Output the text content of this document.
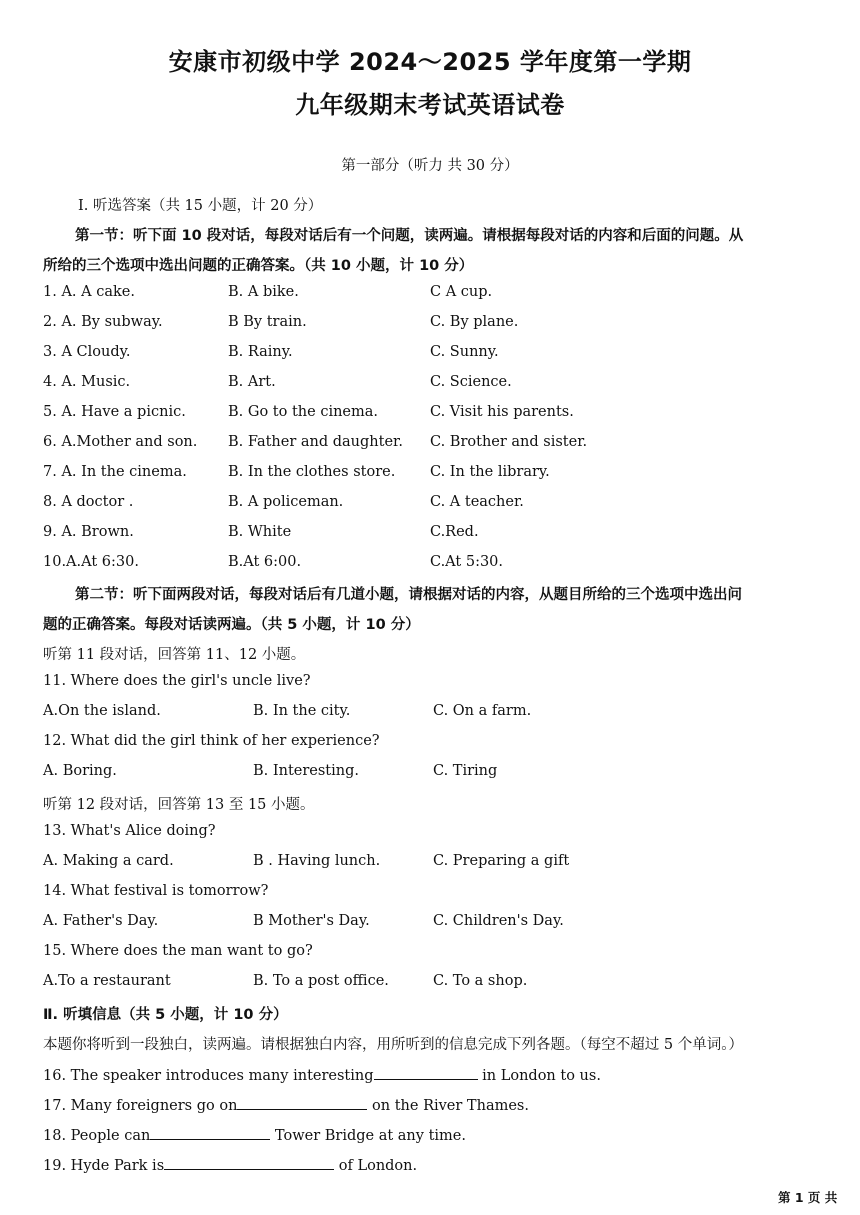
安康市初级中学 2024～2025 学年度第一学期
九年级期末考试英语试卷
第一部分（听力 共 30 分）
Ⅰ. 听选答案（共 15 小题，计 20 分）
第一节：听下面 10 段对话，每段对话后有一个问题，读两遍。请根据每段对话的内容和后面的问题。从
所给的三个选项中选出问题的正确答案。（共 10 小题，计 10 分）
1. A. A cake.	B. A bike.	C A cup.
2. A. By subway.	B By train.	C. By plane.
3. A Cloudy.	B. Rainy.	C. Sunny.
4. A. Music.	B. Art.	C. Science.
5. A. Have a picnic.	B. Go to the cinema.	C. Visit his parents.
6. A.Mother and son. B. Father and daughter. C. Brother and sister.
7. A. In the cinema.	B. In the clothes store. C. In the library.
8. A doctor .	B. A policeman.	C. A teacher.
9. A. Brown.	B. White	C.Red.
10.A.At 6:30.	B.At 6:00.	C.At 5:30.
第二节：听下面两段对话，每段对话后有几道小题，请根据对话的内容，从题目所给的三个选项中选出问
题的正确答案。每段对话读两遍。（共 5 小题，计 10 分）
听第 11 段对话，回答第 11、12 小题。
11. Where does the girl's uncle live?
A.On the island.	B. In the city.	C. On a farm.
12. What did the girl think of her experience?
A. Boring.	B. Interesting.	C. Tiring
听第 12 段对话，回答第 13 至 15 小题。
13. What's Alice doing?
A. Making a card.	B . Having lunch.	C. Preparing a gift
14. What festival is tomorrow?
A. Father's Day.	B Mother's Day.	C. Children's Day.
15. Where does the man want to go?
A.To a restaurant	B. To a post office.	C. To a shop.
Ⅱ. 听填信息（共 5 小题，计 10 分）
本题你将听到一段独白，读两遍。请根据独白内容，用所听到的信息完成下列各题。（每空不超过 5 个单词。）
16. The speaker introduces many interesting	in London to us.
17. Many foreigners go on	on the River Thames.
18. People can	Tower Bridge at any time.
19. Hyde Park is	of London.
第 1 页 共
